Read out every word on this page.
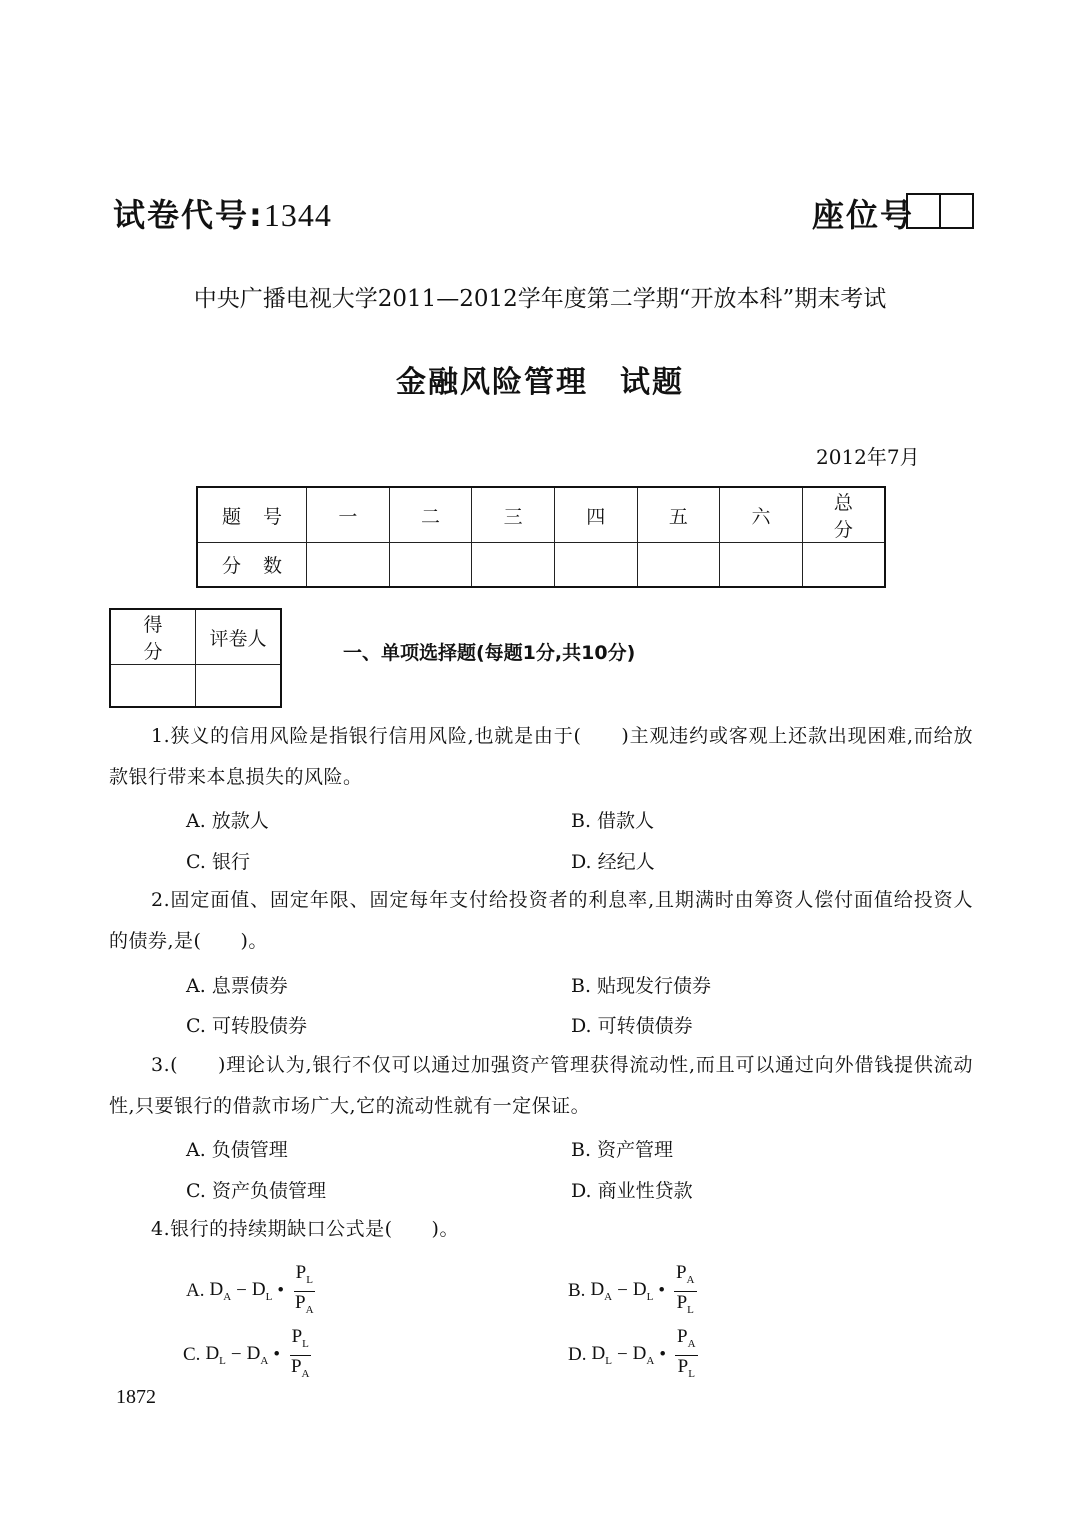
试卷代号:1344	座位号
中央广播电视大学2011—2012学年度第二学期“开放本科”期末考试
金融风险管理　试题
2012年7月
题号	一	二	三	四	五	六	总分
分数							
得分	评卷人

一、单项选择题(每题1分,共10分)
1.狭义的信用风险是指银行信用风险,也就是由于(　　)主观违约或客观上还款出现困难,而给放款银行带来本息损失的风险。
A. 放款人	B. 借款人
C. 银行	D. 经纪人
2.固定面值、固定年限、固定每年支付给投资者的利息率,且期满时由筹资人偿付面值给投资人的债券,是(　　)。
A. 息票债券	B. 贴现发行债券
C. 可转股债券	D. 可转债债券
3.(　　)理论认为,银行不仅可以通过加强资产管理获得流动性,而且可以通过向外借钱提供流动性,只要银行的借款市场广大,它的流动性就有一定保证。
A. 负债管理	B. 资产管理
C. 资产负债管理	D. 商业性贷款
4.银行的持续期缺口公式是(　　)。
A. $D_A - D_L$ • $\frac{P_L}{P_A}$	B. $D_A - D_L$ • $\frac{P_A}{P_L}$
C. $D_L - D_A$ • $\frac{P_L}{P_A}$	D. $D_L - D_A$ • $\frac{P_A}{P_L}$
1872
